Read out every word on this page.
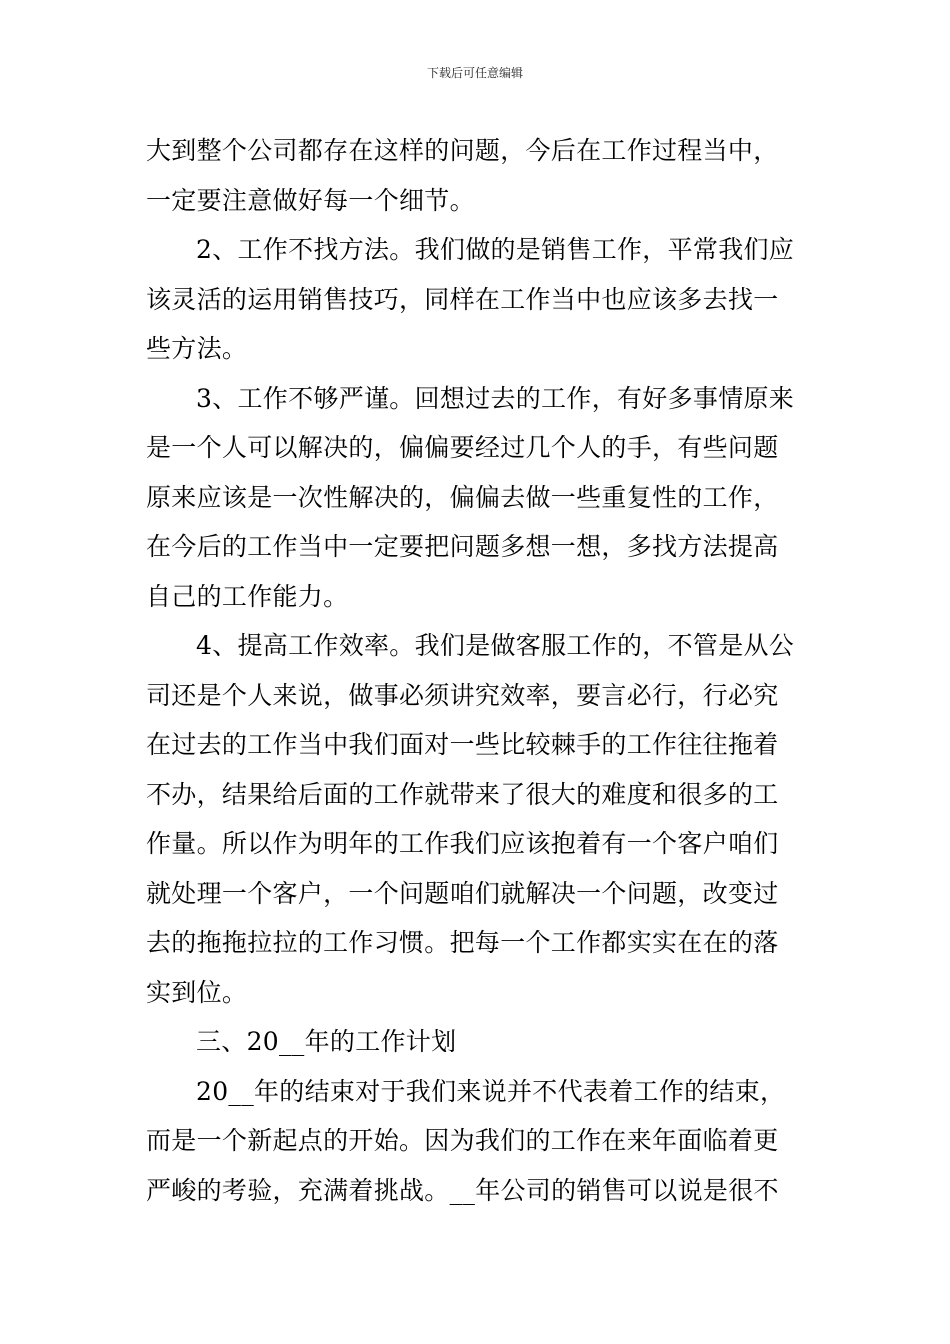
下载后可任意编辑
大到整个公司都存在这样的问题，今后在工作过程当中，
一定要注意做好每一个细节。
2、工作不找方法。我们做的是销售工作，平常我们应
该灵活的运用销售技巧，同样在工作当中也应该多去找一
些方法。
3、工作不够严谨。回想过去的工作，有好多事情原来
是一个人可以解决的，偏偏要经过几个人的手，有些问题
原来应该是一次性解决的，偏偏去做一些重复性的工作，
在今后的工作当中一定要把问题多想一想，多找方法提高
自己的工作能力。
4、提高工作效率。我们是做客服工作的，不管是从公
司还是个人来说，做事必须讲究效率，要言必行，行必究
在过去的工作当中我们面对一些比较棘手的工作往往拖着
不办，结果给后面的工作就带来了很大的难度和很多的工
作量。所以作为明年的工作我们应该抱着有一个客户咱们
就处理一个客户，一个问题咱们就解决一个问题，改变过
去的拖拖拉拉的工作习惯。把每一个工作都实实在在的落
实到位。
三、20__年的工作计划
20__年的结束对于我们来说并不代表着工作的结束，
而是一个新起点的开始。因为我们的工作在来年面临着更
严峻的考验，充满着挑战。__年公司的销售可以说是很不
